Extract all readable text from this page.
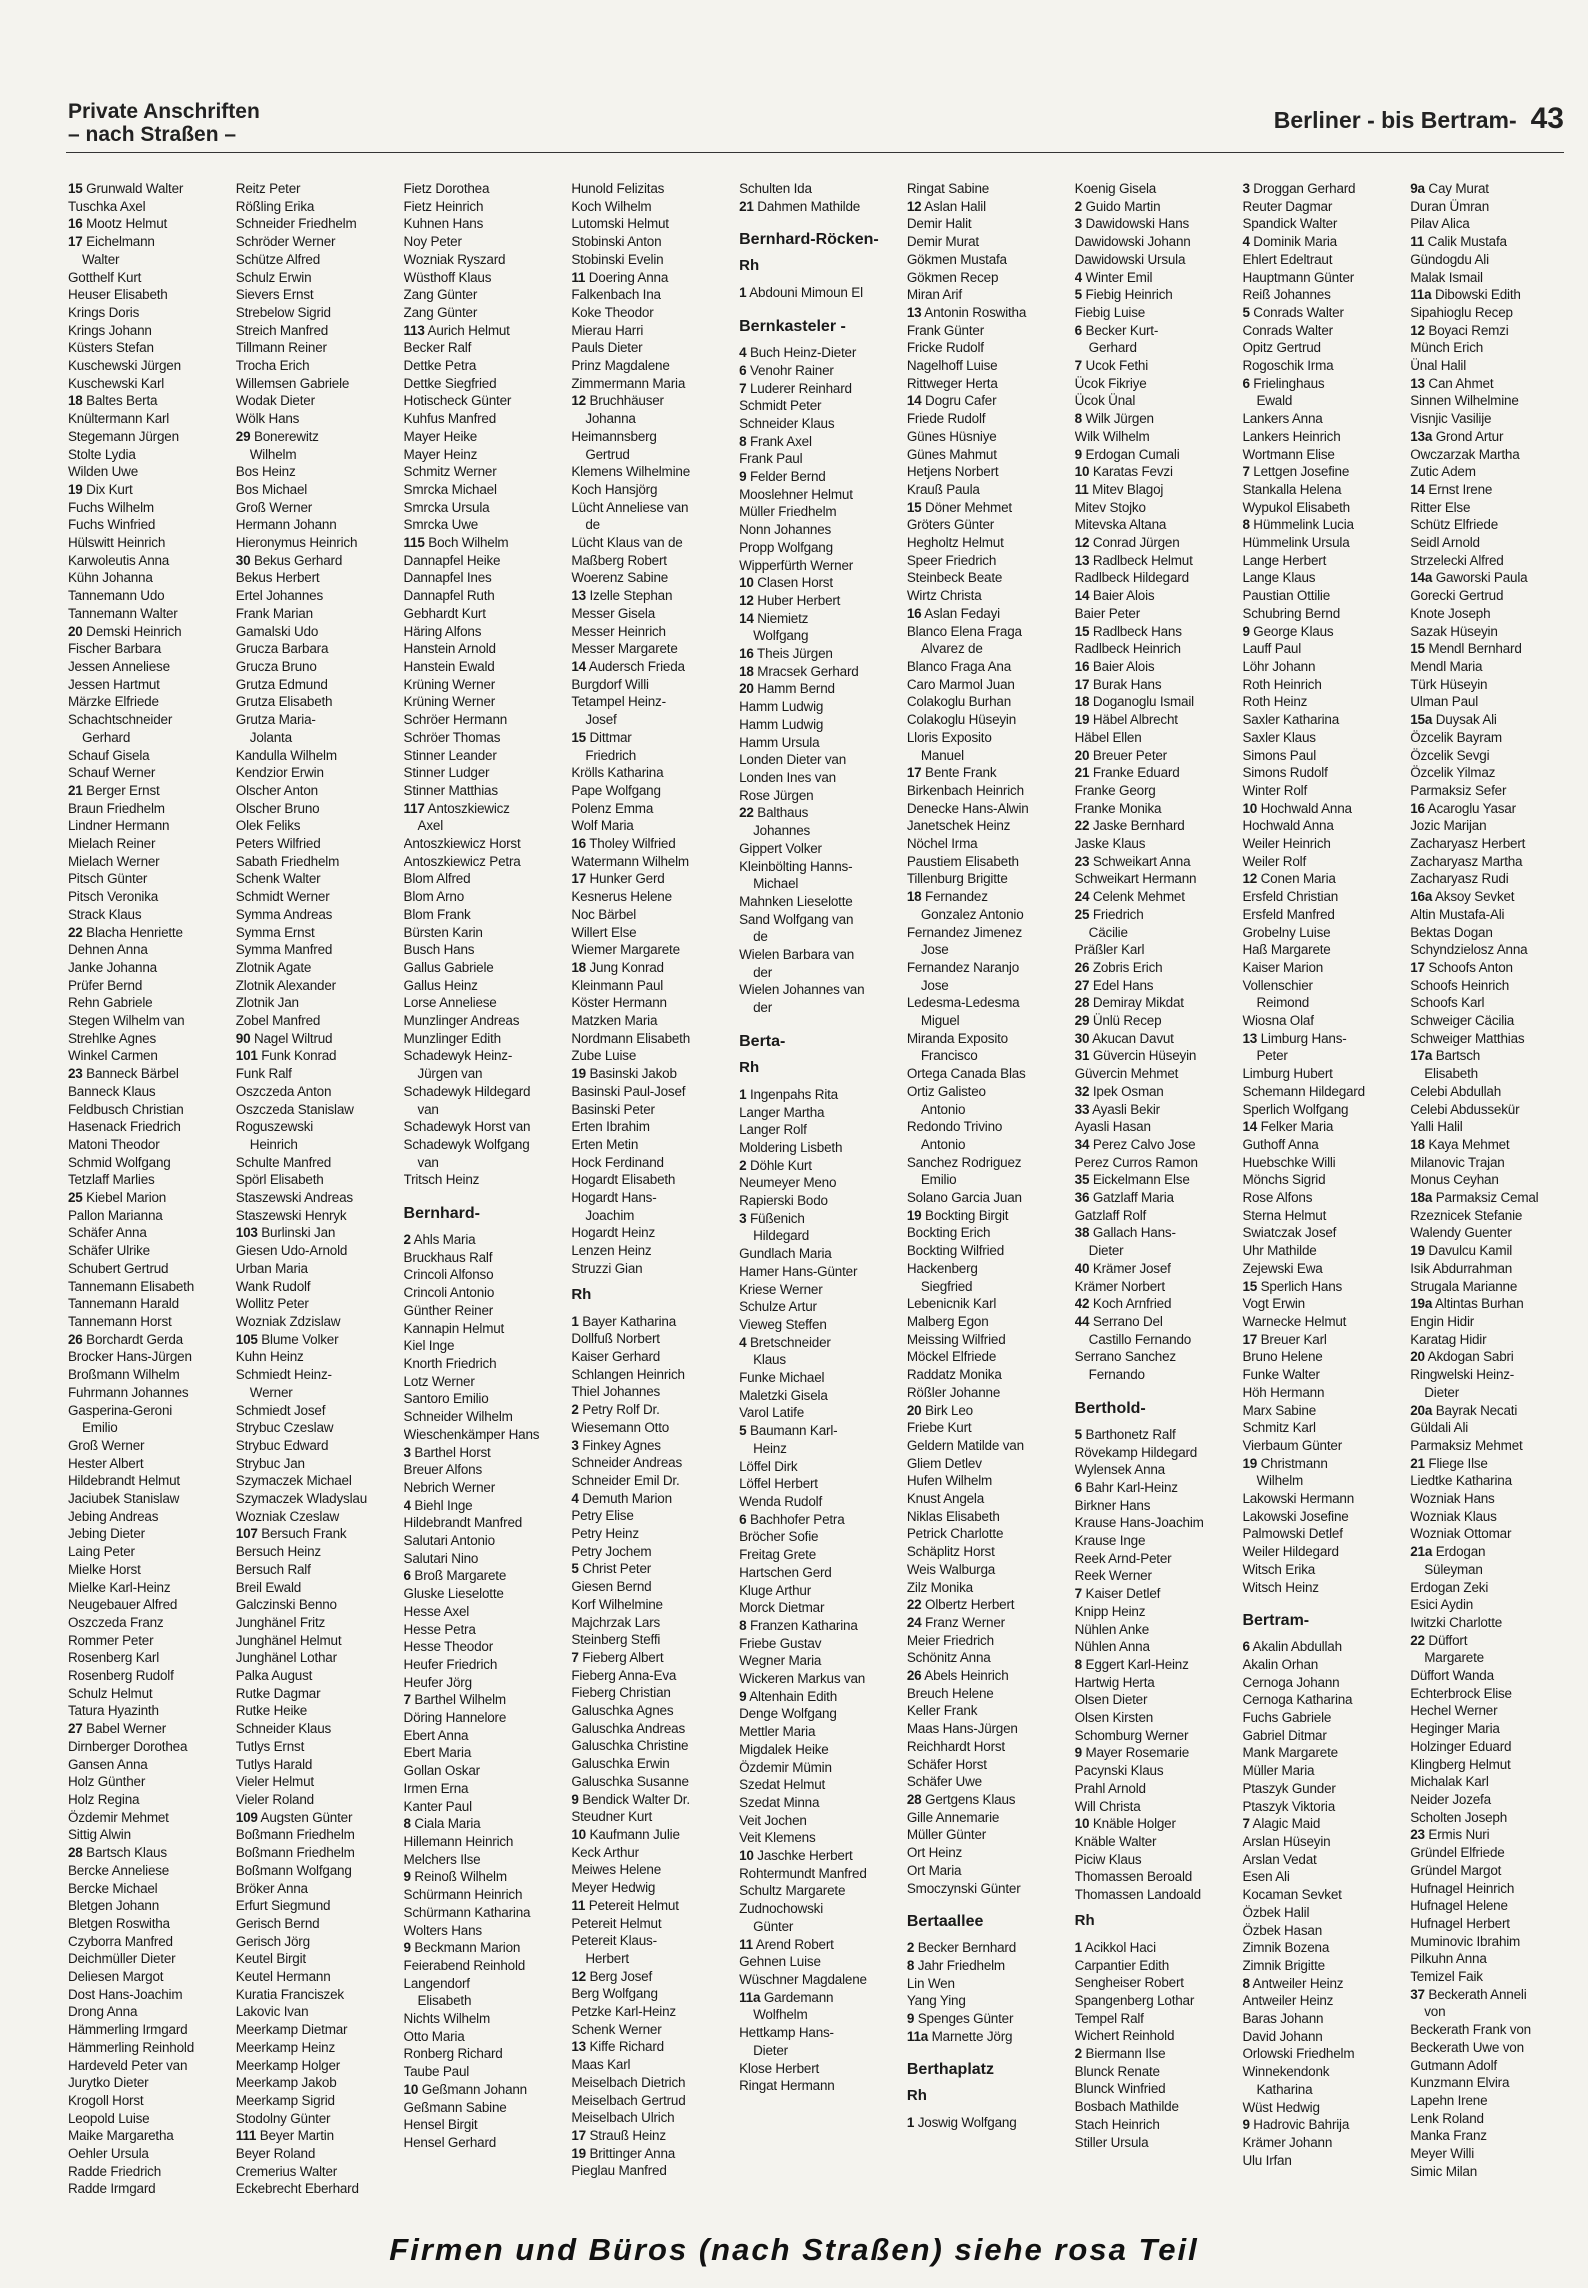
Private Anschriften
– nach Straßen –
Berliner - bis Bertram- 43
15 Grunwald Walter
Tuschka Axel
16 Mootz Helmut
17 Eichelmann
Walter
Gotthelf Kurt
Heuser Elisabeth
Krings Doris
Krings Johann
Küsters Stefan
Kuschewski Jürgen
Kuschewski Karl
18 Baltes Berta
Knültermann Karl
Stegemann Jürgen
Stolte Lydia
Wilden Uwe
19 Dix Kurt
Fuchs Wilhelm
Fuchs Winfried
Hülswitt Heinrich
Karwoleutis Anna
Kühn Johanna
Tannemann Udo
Tannemann Walter
20 Demski Heinrich
Fischer Barbara
Jessen Anneliese
Jessen Hartmut
Märzke Elfriede
Schachtschneider
Gerhard
Schauf Gisela
Schauf Werner
21 Berger Ernst
Braun Friedhelm
Lindner Hermann
Mielach Reiner
Mielach Werner
Pitsch Günter
Pitsch Veronika
Strack Klaus
22 Blacha Henriette
Dehnen Anna
Janke Johanna
Prüfer Bernd
Rehn Gabriele
Stegen Wilhelm van
Strehlke Agnes
Winkel Carmen
23 Banneck Bärbel
Banneck Klaus
Feldbusch Christian
Hasenack Friedrich
Matoni Theodor
Schmid Wolfgang
Tetzlaff Marlies
25 Kiebel Marion
Pallon Marianna
Schäfer Anna
Schäfer Ulrike
Schubert Gertrud
Tannemann Elisabeth
Tannemann Harald
Tannemann Horst
26 Borchardt Gerda
Brocker Hans-Jürgen
Broßmann Wilhelm
Fuhrmann Johannes
Gasperina-Geroni
Emilio
Groß Werner
Hester Albert
Hildebrandt Helmut
Jaciubek Stanislaw
Jebing Andreas
Jebing Dieter
Laing Peter
Mielke Horst
Mielke Karl-Heinz
Neugebauer Alfred
Oszczeda Franz
Rommer Peter
Rosenberg Karl
Rosenberg Rudolf
Schulz Helmut
Tatura Hyazinth
27 Babel Werner
Dirnberger Dorothea
Gansen Anna
Holz Günther
Holz Regina
Özdemir Mehmet
Sittig Alwin
28 Bartsch Klaus
Bercke Anneliese
Bercke Michael
Bletgen Johann
Bletgen Roswitha
Czyborra Manfred
Deichmüller Dieter
Deliesen Margot
Dost Hans-Joachim
Drong Anna
Hämmerling Irmgard
Hämmerling Reinhold
Hardeveld Peter van
Jurytko Dieter
Krogoll Horst
Leopold Luise
Maike Margaretha
Oehler Ursula
Radde Friedrich
Radde Irmgard
Reitz Peter
Rößling Erika
Schneider Friedhelm
Schröder Werner
Schütze Alfred
Schulz Erwin
Sievers Ernst
Strebelow Sigrid
Streich Manfred
Tillmann Reiner
Trocha Erich
Willemsen Gabriele
Wodak Dieter
Wölk Hans
29 Bonerewitz
Wilhelm
Bos Heinz
Bos Michael
Groß Werner
Hermann Johann
Hieronymus Heinrich
30 Bekus Gerhard
Bekus Herbert
Ertel Johannes
Frank Marian
Gamalski Udo
Grucza Barbara
Grucza Bruno
Grutza Edmund
Grutza Elisabeth
Grutza Maria-
Jolanta
Kandulla Wilhelm
Kendzior Erwin
Olscher Anton
Olscher Bruno
Olek Feliks
Peters Wilfried
Sabath Friedhelm
Schenk Walter
Schmidt Werner
Symma Andreas
Symma Ernst
Symma Manfred
Zlotnik Agate
Zlotnik Alexander
Zlotnik Jan
Zobel Manfred
90 Nagel Wiltrud
101 Funk Konrad
Funk Ralf
Oszczeda Anton
Oszczeda Stanislaw
Roguszewski
Heinrich
Schulte Manfred
Spörl Elisabeth
Staszewski Andreas
Staszewski Henryk
103 Burlinski Jan
Giesen Udo-Arnold
Urban Maria
Wank Rudolf
Wollitz Peter
Wozniak Zdzislaw
105 Blume Volker
Kuhn Heinz
Schmiedt Heinz-
Werner
Schmiedt Josef
Strybuc Czeslaw
Strybuc Edward
Strybuc Jan
Szymaczek Michael
Szymaczek Wladyslau
Wozniak Czeslaw
107 Bersuch Frank
Bersuch Heinz
Bersuch Ralf
Breil Ewald
Galczinski Benno
Junghänel Fritz
Junghänel Helmut
Junghänel Lothar
Palka August
Rutke Dagmar
Rutke Heike
Schneider Klaus
Tutlys Ernst
Tutlys Harald
Vieler Helmut
Vieler Roland
109 Augsten Günter
Boßmann Friedhelm
Boßmann Friedhelm
Boßmann Wolfgang
Bröker Anna
Erfurt Siegmund
Gerisch Bernd
Gerisch Jörg
Keutel Birgit
Keutel Hermann
Kuratia Franciszek
Lakovic Ivan
Meerkamp Dietmar
Meerkamp Heinz
Meerkamp Holger
Meerkamp Jakob
Meerkamp Sigrid
Stodolny Günter
111 Beyer Martin
Beyer Roland
Cremerius Walter
Eckebrecht Eberhard
Fietz Dorothea
Fietz Heinrich
Kuhnen Hans
Noy Peter
Wozniak Ryszard
Wüsthoff Klaus
Zang Günter
Zang Günter
113 Aurich Helmut
Becker Ralf
Dettke Petra
Dettke Siegfried
Hotischeck Günter
Kuhfus Manfred
Mayer Heike
Mayer Heinz
Schmitz Werner
Smrcka Michael
Smrcka Ursula
Smrcka Uwe
115 Boch Wilhelm
Dannapfel Heike
Dannapfel Ines
Dannapfel Ruth
Gebhardt Kurt
Häring Alfons
Hanstein Arnold
Hanstein Ewald
Krüning Werner
Krüning Werner
Schröer Hermann
Schröer Thomas
Stinner Leander
Stinner Ludger
Stinner Matthias
117 Antoszkiewicz
Axel
Antoszkiewicz Horst
Antoszkiewicz Petra
Blom Alfred
Blom Arno
Blom Frank
Bürsten Karin
Busch Hans
Gallus Gabriele
Gallus Heinz
Lorse Anneliese
Munzlinger Andreas
Munzlinger Edith
Schadewyk Heinz-
Jürgen van
Schadewyk Hildegard
van
Schadewyk Horst van
Schadewyk Wolfgang
van
Tritsch Heinz
Bernhard-
2 Ahls Maria
Bruckhaus Ralf
Crincoli Alfonso
Crincoli Antonio
Günther Reiner
Kannapin Helmut
Kiel Inge
Knorth Friedrich
Lotz Werner
Santoro Emilio
Schneider Wilhelm
Wieschenkämper Hans
3 Barthel Horst
Breuer Alfons
Nebrich Werner
4 Biehl Inge
Hildebrandt Manfred
Salutari Antonio
Salutari Nino
6 Broß Margarete
Gluske Lieselotte
Hesse Axel
Hesse Petra
Hesse Theodor
Heufer Friedrich
Heufer Jörg
7 Barthel Wilhelm
Döring Hannelore
Ebert Anna
Ebert Maria
Gollan Oskar
Irmen Erna
Kanter Paul
8 Ciala Maria
Hillemann Heinrich
Melchers Ilse
9 Reinoß Wilhelm
Schürmann Heinrich
Schürmann Katharina
Wolters Hans
9 Beckmann Marion
Feierabend Reinhold
Langendorf
Elisabeth
Nichts Wilhelm
Otto Maria
Ronberg Richard
Taube Paul
10 Geßmann Johann
Geßmann Sabine
Hensel Birgit
Hensel Gerhard
Hunold Felizitas
Koch Wilhelm
Lutomski Helmut
Stobinski Anton
Stobinski Evelin
11 Doering Anna
Falkenbach Ina
Koke Theodor
Mierau Harri
Pauls Dieter
Prinz Magdalene
Zimmermann Maria
12 Bruchhäuser
Johanna
Heimannsberg
Gertrud
Klemens Wilhelmine
Koch Hansjörg
Lücht Anneliese van
de
Lücht Klaus van de
Maßberg Robert
Woerenz Sabine
13 Izelle Stephan
Messer Gisela
Messer Heinrich
Messer Margarete
14 Audersch Frieda
Burgdorf Willi
Tetampel Heinz-
Josef
15 Dittmar
Friedrich
Krölls Katharina
Pape Wolfgang
Polenz Emma
Wolf Maria
16 Tholey Wilfried
Watermann Wilhelm
17 Hunker Gerd
Kesnerus Helene
Noc Bärbel
Willert Else
Wiemer Margarete
18 Jung Konrad
Kleinmann Paul
Köster Hermann
Matzken Maria
Nordmann Elisabeth
Zube Luise
19 Basinski Jakob
Basinski Paul-Josef
Basinski Peter
Erten Ibrahim
Erten Metin
Hock Ferdinand
Hogardt Elisabeth
Hogardt Hans-
Joachim
Hogardt Heinz
Lenzen Heinz
Struzzi Gian
Rh
1 Bayer Katharina
Dollfuß Norbert
Kaiser Gerhard
Schlangen Heinrich
Thiel Johannes
2 Petry Rolf Dr.
Wiesemann Otto
3 Finkey Agnes
Schneider Andreas
Schneider Emil Dr.
4 Demuth Marion
Petry Elise
Petry Heinz
Petry Jochem
5 Christ Peter
Giesen Bernd
Korf Wilhelmine
Majchrzak Lars
Steinberg Steffi
7 Fieberg Albert
Fieberg Anna-Eva
Fieberg Christian
Galuschka Agnes
Galuschka Andreas
Galuschka Christine
Galuschka Erwin
Galuschka Susanne
9 Bendick Walter Dr.
Steudner Kurt
10 Kaufmann Julie
Keck Arthur
Meiwes Helene
Meyer Hedwig
11 Petereit Helmut
Petereit Helmut
Petereit Klaus-
Herbert
12 Berg Josef
Berg Wolfgang
Petzke Karl-Heinz
Schenk Werner
13 Kiffe Richard
Maas Karl
Meiselbach Dietrich
Meiselbach Gertrud
Meiselbach Ulrich
17 Strauß Heinz
19 Brittinger Anna
Pieglau Manfred
Schulten Ida
21 Dahmen Mathilde
Bernhard-Röcken-
Rh
1 Abdouni Mimoun El
Bernkasteler -
4 Buch Heinz-Dieter
6 Venohr Rainer
7 Luderer Reinhard
Schmidt Peter
Schneider Klaus
8 Frank Axel
Frank Paul
9 Felder Bernd
Mooslehner Helmut
Müller Friedhelm
Nonn Johannes
Propp Wolfgang
Wipperfürth Werner
10 Clasen Horst
12 Huber Herbert
14 Niemietz
Wolfgang
16 Theis Jürgen
18 Mracsek Gerhard
20 Hamm Bernd
Hamm Ludwig
Hamm Ludwig
Hamm Ursula
Londen Dieter van
Londen Ines van
Rose Jürgen
22 Balthaus
Johannes
Gippert Volker
Kleinbölting Hanns-
Michael
Mahnken Lieselotte
Sand Wolfgang van
de
Wielen Barbara van
der
Wielen Johannes van
der
Berta-
Rh
1 Ingenpahs Rita
Langer Martha
Langer Rolf
Moldering Lisbeth
2 Döhle Kurt
Neumeyer Meno
Rapierski Bodo
3 Füßenich
Hildegard
Gundlach Maria
Hamer Hans-Günter
Kriese Werner
Schulze Artur
Vieweg Steffen
4 Bretschneider
Klaus
Funke Michael
Maletzki Gisela
Varol Latife
5 Baumann Karl-
Heinz
Löffel Dirk
Löffel Herbert
Wenda Rudolf
6 Bachhofer Petra
Bröcher Sofie
Freitag Grete
Hartschen Gerd
Kluge Arthur
Morck Dietmar
8 Franzen Katharina
Friebe Gustav
Wegner Maria
Wickeren Markus van
9 Altenhain Edith
Denge Wolfgang
Mettler Maria
Migdalek Heike
Özdemir Mümin
Szedat Helmut
Szedat Minna
Veit Jochen
Veit Klemens
10 Jaschke Herbert
Rohtermundt Manfred
Schultz Margarete
Zudnochowski
Günter
11 Arend Robert
Gehnen Luise
Wüschner Magdalene
11a Gardemann
Wolfhelm
Hettkamp Hans-
Dieter
Klose Herbert
Ringat Hermann
Ringat Sabine
12 Aslan Halil
Demir Halit
Demir Murat
Gökmen Mustafa
Gökmen Recep
Miran Arif
13 Antonin Roswitha
Frank Günter
Fricke Rudolf
Nagelhoff Luise
Rittweger Herta
14 Dogru Cafer
Friede Rudolf
Günes Hüsniye
Günes Mahmut
Hetjens Norbert
Krauß Paula
15 Döner Mehmet
Gröters Günter
Hegholtz Helmut
Speer Friedrich
Steinbeck Beate
Wirtz Christa
16 Aslan Fedayi
Blanco Elena Fraga
Alvarez de
Blanco Fraga Ana
Caro Marmol Juan
Colakoglu Burhan
Colakoglu Hüseyin
Lloris Exposito
Manuel
17 Bente Frank
Birkenbach Heinrich
Denecke Hans-Alwin
Janetschek Heinz
Nöchel Irma
Paustiem Elisabeth
Tillenburg Brigitte
18 Fernandez
Gonzalez Antonio
Fernandez Jimenez
Jose
Fernandez Naranjo
Jose
Ledesma-Ledesma
Miguel
Miranda Exposito
Francisco
Ortega Canada Blas
Ortiz Galisteo
Antonio
Redondo Trivino
Antonio
Sanchez Rodriguez
Emilio
Solano Garcia Juan
19 Bockting Birgit
Bockting Erich
Bockting Wilfried
Hackenberg
Siegfried
Lebenicnik Karl
Malberg Egon
Meissing Wilfried
Möckel Elfriede
Raddatz Monika
Rößler Johanne
20 Birk Leo
Friebe Kurt
Geldern Matilde van
Gliem Detlev
Hufen Wilhelm
Knust Angela
Niklas Elisabeth
Petrick Charlotte
Schäplitz Horst
Weis Walburga
Zilz Monika
22 Olbertz Herbert
24 Franz Werner
Meier Friedrich
Schönitz Anna
26 Abels Heinrich
Breuch Helene
Keller Frank
Maas Hans-Jürgen
Reichhardt Horst
Schäfer Horst
Schäfer Uwe
28 Gertgens Klaus
Gille Annemarie
Müller Günter
Ort Heinz
Ort Maria
Smoczynski Günter
Bertaallee
2 Becker Bernhard
8 Jahr Friedhelm
Lin Wen
Yang Ying
9 Spenges Günter
11a Marnette Jörg
Berthaplatz
Rh
1 Joswig Wolfgang
Koenig Gisela
2 Guido Martin
3 Dawidowski Hans
Dawidowski Johann
Dawidowski Ursula
4 Winter Emil
5 Fiebig Heinrich
Fiebig Luise
6 Becker Kurt-
Gerhard
7 Ucok Fethi
Ücok Fikriye
Ücok Ünal
8 Wilk Jürgen
Wilk Wilhelm
9 Erdogan Cumali
10 Karatas Fevzi
11 Mitev Blagoj
Mitev Stojko
Mitevska Altana
12 Conrad Jürgen
13 Radlbeck Helmut
Radlbeck Hildegard
14 Baier Alois
Baier Peter
15 Radlbeck Hans
Radlbeck Heinrich
16 Baier Alois
17 Burak Hans
18 Doganoglu Ismail
19 Häbel Albrecht
Häbel Ellen
20 Breuer Peter
21 Franke Eduard
Franke Georg
Franke Monika
22 Jaske Bernhard
Jaske Klaus
23 Schweikart Anna
Schweikart Hermann
24 Celenk Mehmet
25 Friedrich
Cäcilie
Präßler Karl
26 Zobris Erich
27 Edel Hans
28 Demiray Mikdat
29 Ünlü Recep
30 Akucan Davut
31 Güvercin Hüseyin
Güvercin Mehmet
32 Ipek Osman
33 Ayasli Bekir
Ayasli Hasan
34 Perez Calvo Jose
Perez Curros Ramon
35 Eickelmann Else
36 Gatzlaff Maria
Gatzlaff Rolf
38 Gallach Hans-
Dieter
40 Krämer Josef
Krämer Norbert
42 Koch Arnfried
44 Serrano Del
Castillo Fernando
Serrano Sanchez
Fernando
Berthold-
5 Barthonetz Ralf
Rövekamp Hildegard
Wylensek Anna
6 Bahr Karl-Heinz
Birkner Hans
Krause Hans-Joachim
Krause Inge
Reek Arnd-Peter
Reek Werner
7 Kaiser Detlef
Knipp Heinz
Nühlen Anke
Nühlen Anna
8 Eggert Karl-Heinz
Hartwig Herta
Olsen Dieter
Olsen Kirsten
Schomburg Werner
9 Mayer Rosemarie
Pacynski Klaus
Prahl Arnold
Will Christa
10 Knäble Holger
Knäble Walter
Piciw Klaus
Thomassen Beroald
Thomassen Landoald
Rh
1 Acikkol Haci
Carpantier Edith
Sengheiser Robert
Spangenberg Lothar
Tempel Ralf
Wichert Reinhold
2 Biermann Ilse
Blunck Renate
Blunck Winfried
Bosbach Mathilde
Stach Heinrich
Stiller Ursula
3 Droggan Gerhard
Reuter Dagmar
Spandick Walter
4 Dominik Maria
Ehlert Edeltraut
Hauptmann Günter
Reiß Johannes
5 Conrads Walter
Conrads Walter
Opitz Gertrud
Rogoschik Irma
6 Frielinghaus
Ewald
Lankers Anna
Lankers Heinrich
Wortmann Elise
7 Lettgen Josefine
Stankalla Helena
Wypukol Elisabeth
8 Hümmelink Lucia
Hümmelink Ursula
Lange Herbert
Lange Klaus
Paustian Ottilie
Schubring Bernd
9 George Klaus
Lauff Paul
Löhr Johann
Roth Heinrich
Roth Heinz
Saxler Katharina
Saxler Klaus
Simons Paul
Simons Rudolf
Winter Rolf
10 Hochwald Anna
Hochwald Anna
Weiler Heinrich
Weiler Rolf
12 Conen Maria
Ersfeld Christian
Ersfeld Manfred
Grobelny Luise
Haß Margarete
Kaiser Marion
Vollenschier
Reimond
Wiosna Olaf
13 Limburg Hans-
Peter
Limburg Hubert
Schemann Hildegard
Sperlich Wolfgang
14 Felker Maria
Guthoff Anna
Huebschke Willi
Mönchs Sigrid
Rose Alfons
Sterna Helmut
Swiatczak Josef
Uhr Mathilde
Zejewski Ewa
15 Sperlich Hans
Vogt Erwin
Warnecke Helmut
17 Breuer Karl
Bruno Helene
Funke Walter
Höh Hermann
Marx Sabine
Schmitz Karl
Vierbaum Günter
19 Christmann
Wilhelm
Lakowski Hermann
Lakowski Josefine
Palmowski Detlef
Weiler Hildegard
Witsch Erika
Witsch Heinz
Bertram-
6 Akalin Abdullah
Akalin Orhan
Cernoga Johann
Cernoga Katharina
Fuchs Gabriele
Gabriel Ditmar
Mank Margarete
Müller Maria
Ptaszyk Gunder
Ptaszyk Viktoria
7 Alagic Maid
Arslan Hüseyin
Arslan Vedat
Esen Ali
Kocaman Sevket
Özbek Halil
Özbek Hasan
Zimnik Bozena
Zimnik Brigitte
8 Antweiler Heinz
Antweiler Heinz
Baras Johann
David Johann
Orlowski Friedhelm
Winnekendonk
Katharina
Wüst Hedwig
9 Hadrovic Bahrija
Krämer Johann
Ulu Irfan
9a Cay Murat
Duran Ümran
Pilav Alica
11 Calik Mustafa
Gündogdu Ali
Malak Ismail
11a Dibowski Edith
Sipahioglu Recep
12 Boyaci Remzi
Münch Erich
Ünal Halil
13 Can Ahmet
Sinnen Wilhelmine
Visnjic Vasilije
13a Grond Artur
Owczarzak Martha
Zutic Adem
14 Ernst Irene
Ritter Else
Schütz Elfriede
Seidl Arnold
Strzelecki Alfred
14a Gaworski Paula
Gorecki Gertrud
Knote Joseph
Sazak Hüseyin
15 Mendl Bernhard
Mendl Maria
Türk Hüseyin
Ulman Paul
15a Duysak Ali
Özcelik Bayram
Özcelik Sevgi
Özcelik Yilmaz
Parmaksiz Sefer
16 Acaroglu Yasar
Jozic Marijan
Zacharyasz Herbert
Zacharyasz Martha
Zacharyasz Rudi
16a Aksoy Sevket
Altin Mustafa-Ali
Bektas Dogan
Schyndzielosz Anna
17 Schoofs Anton
Schoofs Heinrich
Schoofs Karl
Schweiger Cäcilia
Schweiger Matthias
17a Bartsch
Elisabeth
Celebi Abdullah
Celebi Abdussekür
Yalli Halil
18 Kaya Mehmet
Milanovic Trajan
Monus Ceyhan
18a Parmaksiz Cemal
Rzeznicek Stefanie
Walendy Guenter
19 Davulcu Kamil
Isik Abdurrahman
Strugala Marianne
19a Altintas Burhan
Engin Hidir
Karatag Hidir
20 Akdogan Sabri
Ringwelski Heinz-
Dieter
20a Bayrak Necati
Güldali Ali
Parmaksiz Mehmet
21 Fliege Ilse
Liedtke Katharina
Wozniak Hans
Wozniak Klaus
Wozniak Ottomar
21a Erdogan
Süleyman
Erdogan Zeki
Esici Aydin
Iwitzki Charlotte
22 Düffort
Margarete
Düffort Wanda
Echterbrock Elise
Hechel Werner
Heginger Maria
Holzinger Eduard
Klingberg Helmut
Michalak Karl
Neider Jozefa
Scholten Joseph
23 Ermis Nuri
Gründel Elfriede
Gründel Margot
Hufnagel Heinrich
Hufnagel Helene
Hufnagel Herbert
Muminovic Ibrahim
Pilkuhn Anna
Temizel Faik
37 Beckerath Anneli
von
Beckerath Frank von
Beckerath Uwe von
Gutmann Adolf
Kunzmann Elvira
Lapehn Irene
Lenk Roland
Manka Franz
Meyer Willi
Simic Milan
Firmen und Büros (nach Straßen) siehe rosa Teil
